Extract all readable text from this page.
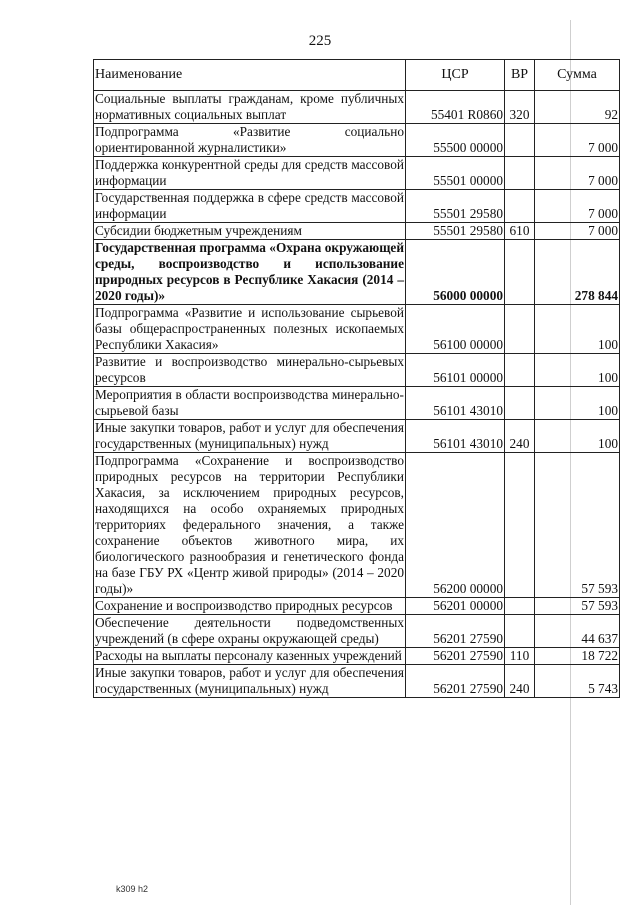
225
Наименование	ЦСР	ВР	Сумма
Социальные выплаты гражданам, кроме публичных нормативных социальных выплат	55401 R0860	320	92
Подпрограмма «Развитие социально ориентированной журналистики»	55500 00000		7 000
Поддержка конкурентной среды для средств массовой информации	55501 00000		7 000
Государственная поддержка в сфере средств массовой информации	55501 29580		7 000
Субсидии бюджетным учреждениям	55501 29580	610	7 000
Государственная программа «Охрана окружающей среды, воспроизводство и использование природных ресурсов в Республике Хакасия (2014 – 2020 годы)»	56000 00000		278 844
Подпрограмма «Развитие и использование сырьевой базы общераспространенных полезных ископаемых Республики Хакасия»	56100 00000		100
Развитие и воспроизводство минерально-сырьевых ресурсов	56101 00000		100
Мероприятия в области воспроизводства минерально-сырьевой базы	56101 43010		100
Иные закупки товаров, работ и услуг для обеспечения государственных (муниципальных) нужд	56101 43010	240	100
Подпрограмма «Сохранение и воспроизводство природных ресурсов на территории Республики Хакасия, за исключением природных ресурсов, находящихся на особо охраняемых природных территориях федерального значения, а также сохранение объектов животного мира, их биологического разнообразия и генетического фонда на базе ГБУ РХ «Центр живой природы» (2014 – 2020 годы)»	56200 00000		57 593
Сохранение и воспроизводство природных ресурсов	56201 00000		57 593
Обеспечение деятельности подведомственных учреждений (в сфере охраны окружающей среды)	56201 27590		44 637
Расходы на выплаты персоналу казенных учреждений	56201 27590	110	18 722
Иные закупки товаров, работ и услуг для обеспечения государственных (муниципальных) нужд	56201 27590	240	5 743
k309 h2
